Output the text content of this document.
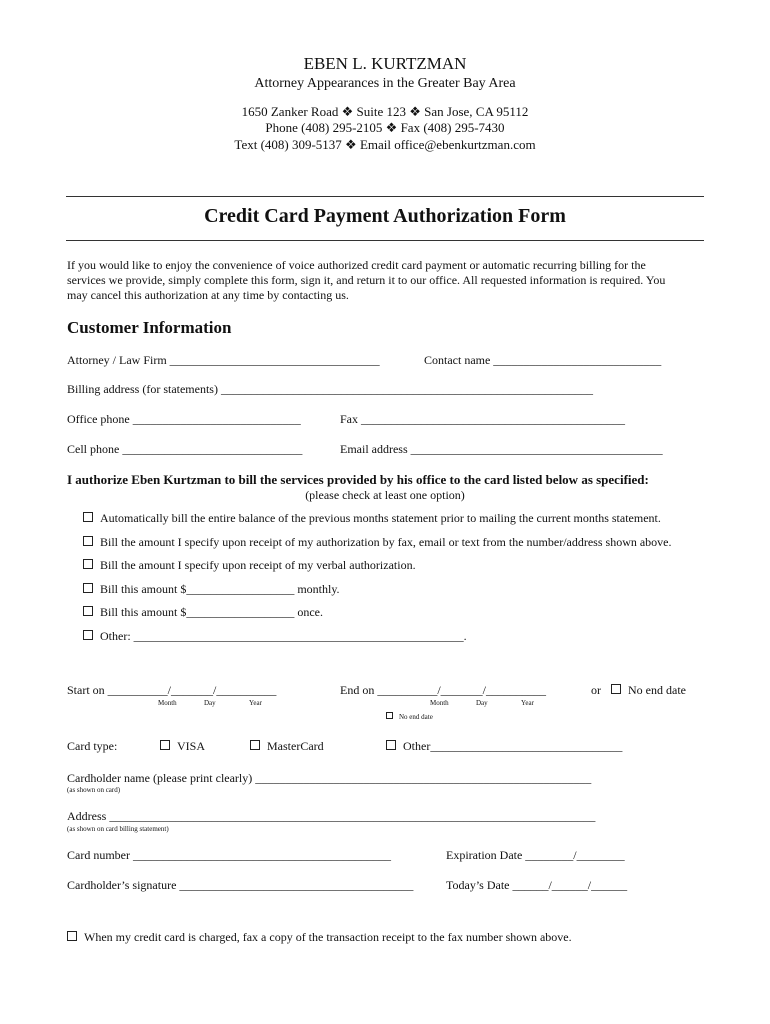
EBEN L. KURTZMAN
Attorney Appearances in the Greater Bay Area
1650 Zanker Road ❖ Suite 123 ❖ San Jose, CA 95112
Phone (408) 295-2105 ❖ Fax (408) 295-7430
Text (408) 309-5137 ❖ Email office@ebenkurtzman.com
Credit Card Payment Authorization Form
If you would like to enjoy the convenience of voice authorized credit card payment or automatic recurring billing for the
services we provide, simply complete this form, sign it, and return it to our office. All requested information is required. You
may cancel this authorization at any time by contacting us.
Customer Information
Attorney / Law Firm ___________________________________	Contact name ____________________________
Billing address (for statements) ______________________________________________________________
Office phone ____________________________	Fax ____________________________________________
Cell phone ______________________________	Email address __________________________________________
I authorize Eben Kurtzman to bill the services provided by his office to the card listed below as specified:
(please check at least one option)
Automatically bill the entire balance of the previous months statement prior to mailing the current months statement.
Bill the amount I specify upon receipt of my authorization by fax, email or text from the number/address shown above.
Bill the amount I specify upon receipt of my verbal authorization.
Bill this amount $__________________ monthly.
Bill this amount $__________________ once.
Other: _______________________________________________________.
Start on __________/_______/__________
Month	Day	Year
End on __________/_______/__________
Month	Day	Year
or	No end date
No end date
Card type:	VISA	MasterCard	Other________________________________
Cardholder name (please print clearly) ________________________________________________________
(as shown on card)
Address _________________________________________________________________________________
(as shown on card billing statement)
Card number ___________________________________________	Expiration Date ________/________
Cardholder’s signature _______________________________________	Today’s Date ______/______/______
When my credit card is charged, fax a copy of the transaction receipt to the fax number shown above.
